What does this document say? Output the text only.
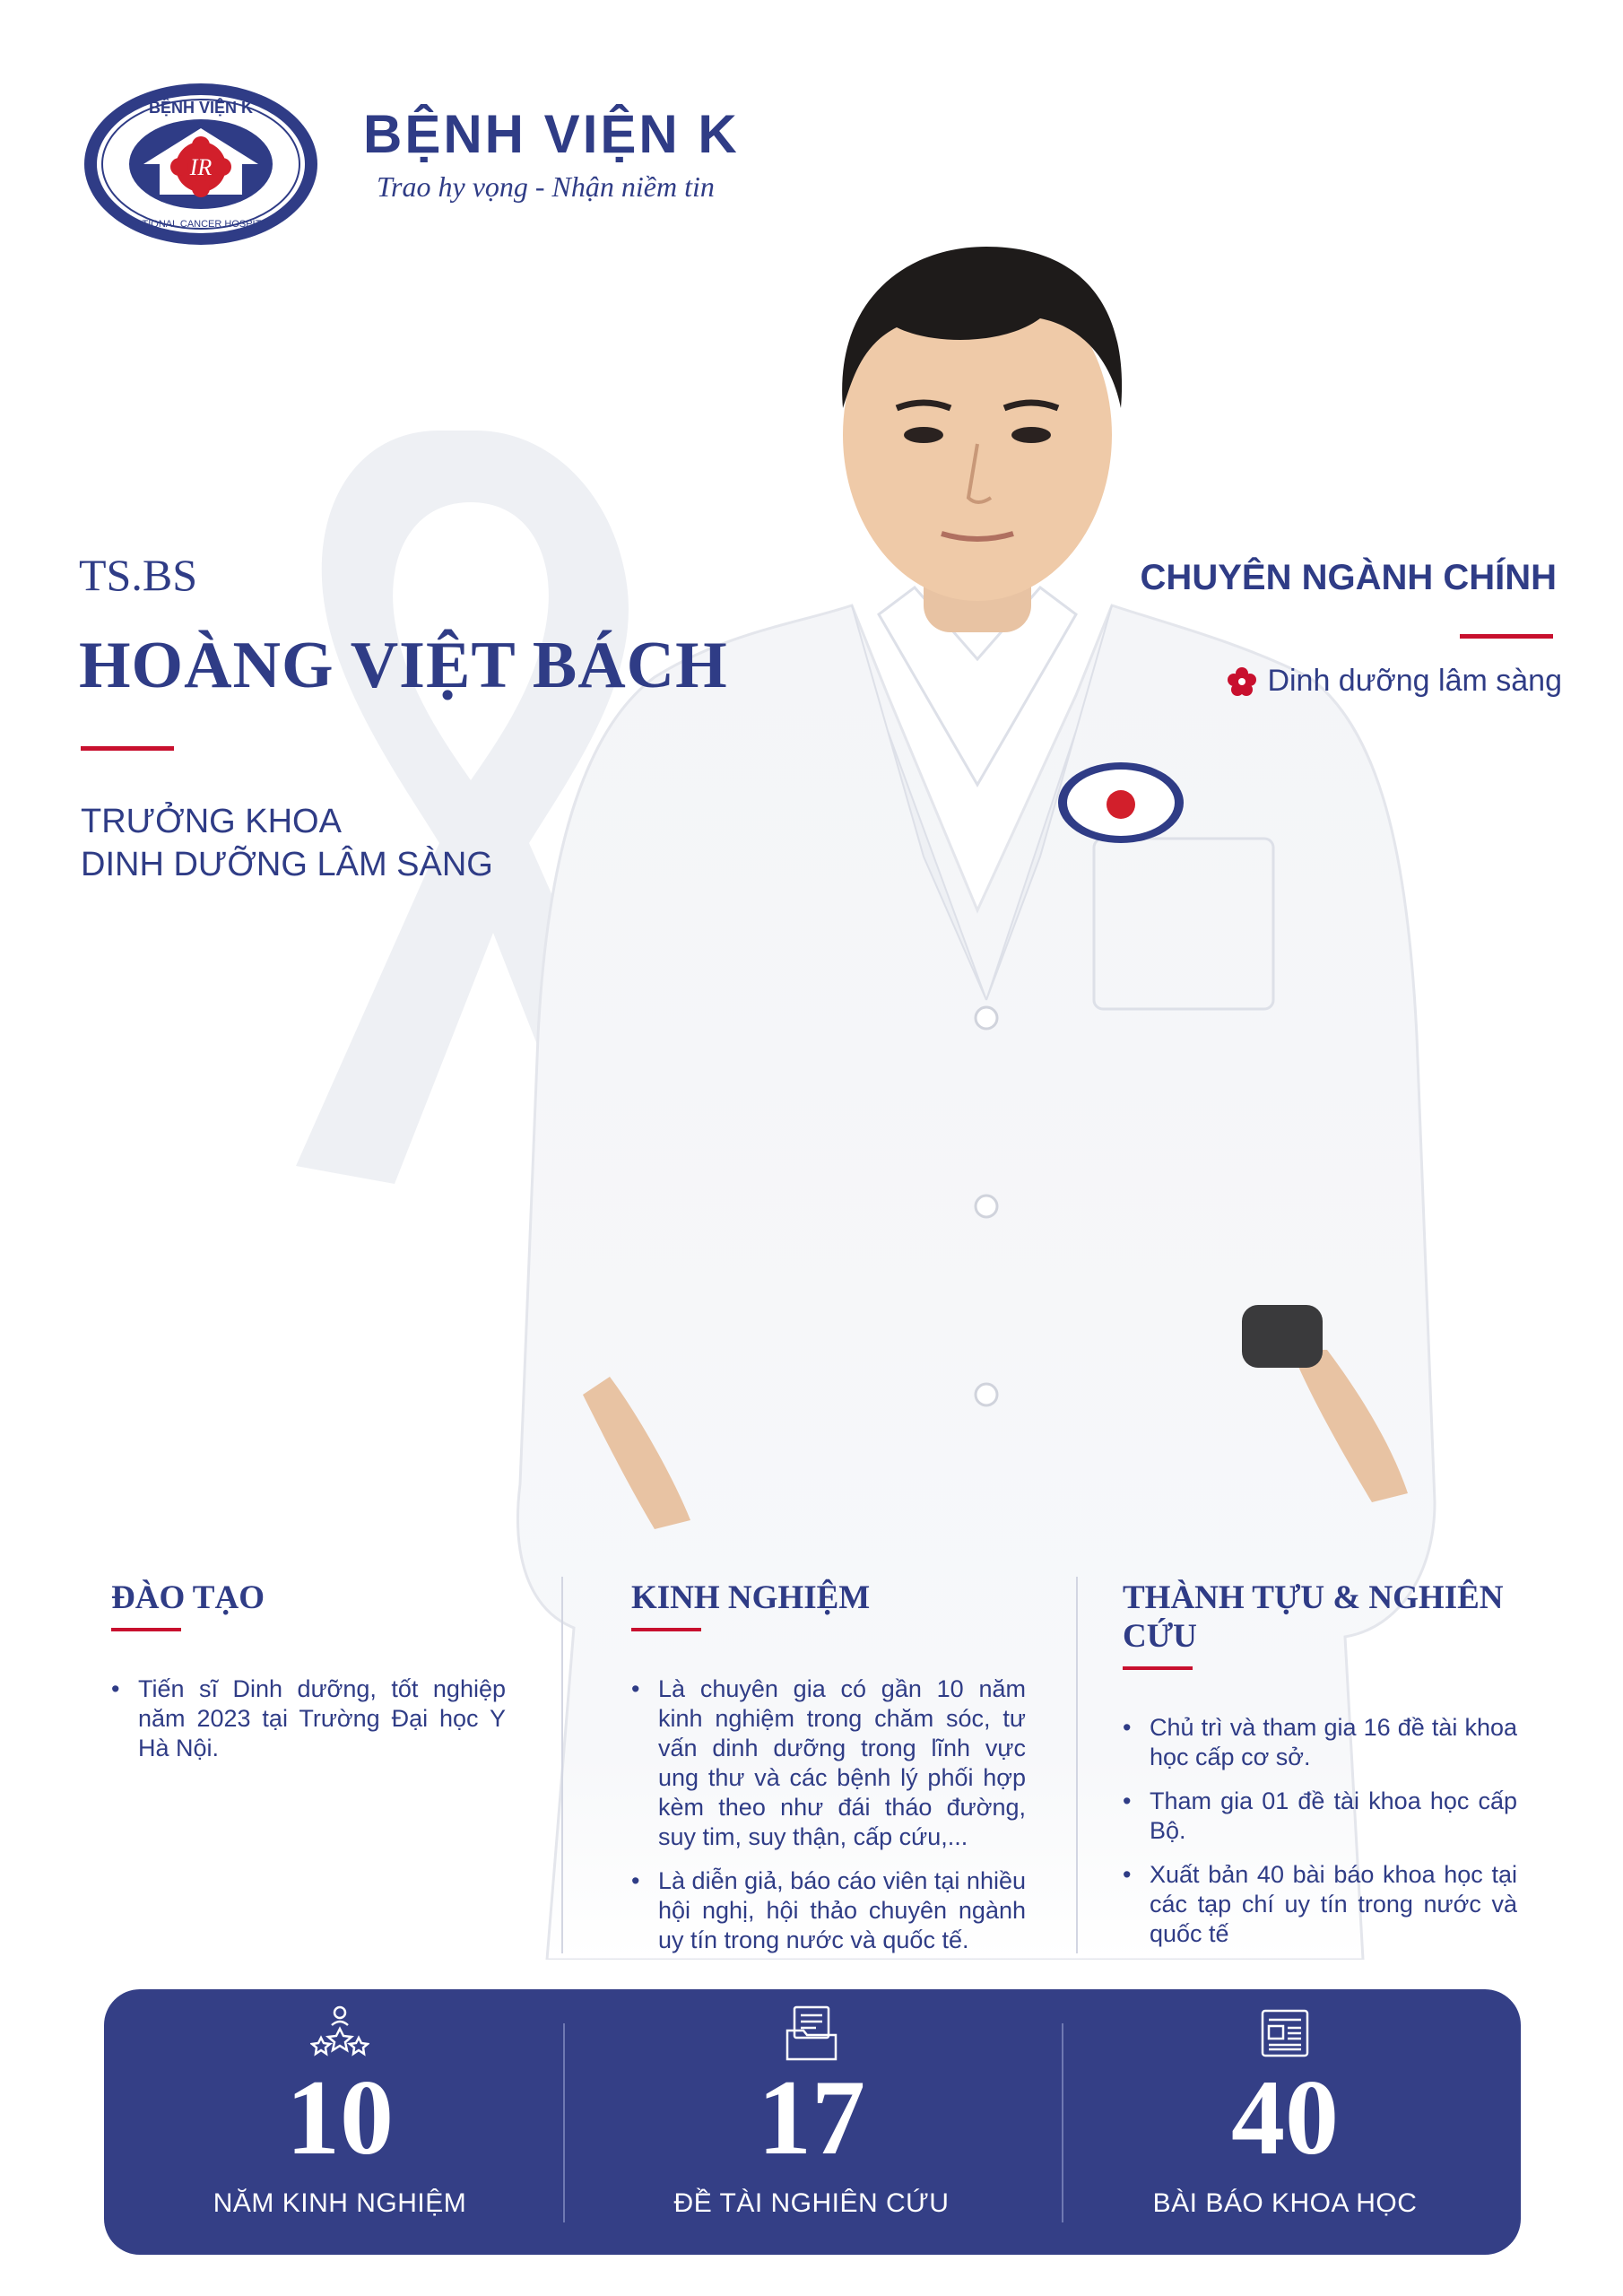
IR
BỆNH VIỆN K
NATIONAL CANCER HOSPITAL
★	★
BỆNH VIỆN K
Trao hy vọng - Nhận niềm tin
TS.BS
HOÀNG VIỆT BÁCH
TRƯỞNG KHOA
DINH DƯỠNG LÂM SÀNG
CHUYÊN NGÀNH CHÍNH
Dinh dưỡng lâm sàng
ĐÀO TẠO
• Tiến sĩ Dinh dưỡng, tốt nghiệp năm 2023 tại Trường Đại học Y Hà Nội.
KINH NGHIỆM
• Là chuyên gia có gần 10 năm kinh nghiệm trong chăm sóc, tư vấn dinh dưỡng trong lĩnh vực ung thư và các bệnh lý phối hợp kèm theo như đái tháo đường, suy tim, suy thận, cấp cứu,...
• Là diễn giả, báo cáo viên tại nhiều hội nghị, hội thảo chuyên ngành uy tín trong nước và quốc tế.
THÀNH TỰU & NGHIÊN CỨU
• Chủ trì và tham gia 16 đề tài khoa học cấp cơ sở.
• Tham gia 01 đề tài khoa học cấp Bộ.
• Xuất bản 40 bài báo khoa học tại các tạp chí uy tín trong nước và quốc tế
10
NĂM KINH NGHIỆM
17
ĐỀ TÀI NGHIÊN CỨU
40
BÀI BÁO KHOA HỌC
